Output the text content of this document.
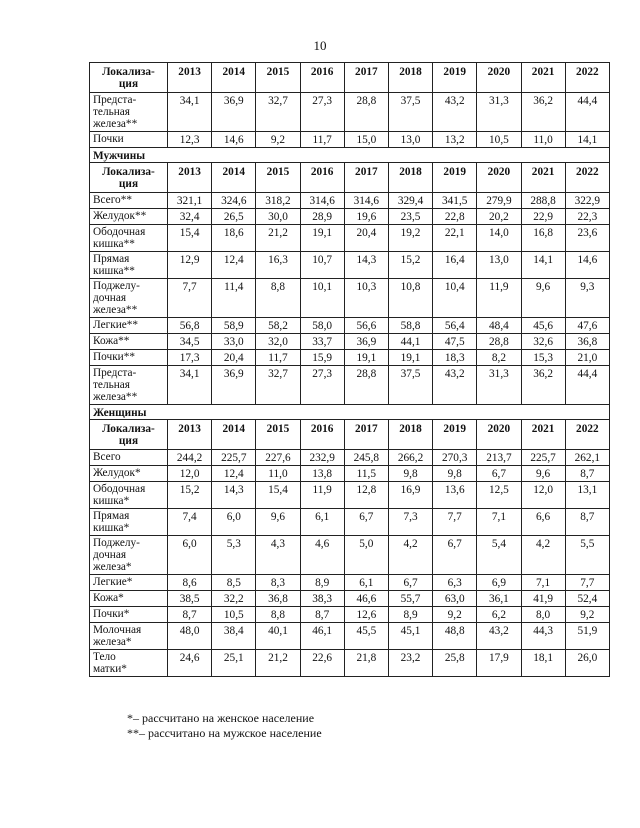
10
Локализа-
ция	2013	2014	2015	2016	2017	2018	2019	2020	2021	2022
Предста-
тельная
железа**	34,1	36,9	32,7	27,3	28,8	37,5	43,2	31,3	36,2	44,4
Почки	12,3	14,6	9,2	11,7	15,0	13,0	13,2	10,5	11,0	14,1
Мужчины										
Локализа-
ция	2013	2014	2015	2016	2017	2018	2019	2020	2021	2022
Всего**	321,1	324,6	318,2	314,6	314,6	329,4	341,5	279,9	288,8	322,9
Желудок**	32,4	26,5	30,0	28,9	19,6	23,5	22,8	20,2	22,9	22,3
Ободочная
кишка**	15,4	18,6	21,2	19,1	20,4	19,2	22,1	14,0	16,8	23,6
Прямая
кишка**	12,9	12,4	16,3	10,7	14,3	15,2	16,4	13,0	14,1	14,6
Поджелу-
дочная
железа**	7,7	11,4	8,8	10,1	10,3	10,8	10,4	11,9	9,6	9,3
Легкие**	56,8	58,9	58,2	58,0	56,6	58,8	56,4	48,4	45,6	47,6
Кожа**	34,5	33,0	32,0	33,7	36,9	44,1	47,5	28,8	32,6	36,8
Почки**	17,3	20,4	11,7	15,9	19,1	19,1	18,3	8,2	15,3	21,0
Предста-
тельная
железа**	34,1	36,9	32,7	27,3	28,8	37,5	43,2	31,3	36,2	44,4
Женщины										
Локализа-
ция	2013	2014	2015	2016	2017	2018	2019	2020	2021	2022
Всего	244,2	225,7	227,6	232,9	245,8	266,2	270,3	213,7	225,7	262,1
Желудок*	12,0	12,4	11,0	13,8	11,5	9,8	9,8	6,7	9,6	8,7
Ободочная
кишка*	15,2	14,3	15,4	11,9	12,8	16,9	13,6	12,5	12,0	13,1
Прямая
кишка*	7,4	6,0	9,6	6,1	6,7	7,3	7,7	7,1	6,6	8,7
Поджелу-
дочная
железа*	6,0	5,3	4,3	4,6	5,0	4,2	6,7	5,4	4,2	5,5
Легкие*	8,6	8,5	8,3	8,9	6,1	6,7	6,3	6,9	7,1	7,7
Кожа*	38,5	32,2	36,8	38,3	46,6	55,7	63,0	36,1	41,9	52,4
Почки*	8,7	10,5	8,8	8,7	12,6	8,9	9,2	6,2	8,0	9,2
Молочная
железа*	48,0	38,4	40,1	46,1	45,5	45,1	48,8	43,2	44,3	51,9
Тело
матки*	24,6	25,1	21,2	22,6	21,8	23,2	25,8	17,9	18,1	26,0
*– рассчитано на женское население
**– рассчитано на мужское население
